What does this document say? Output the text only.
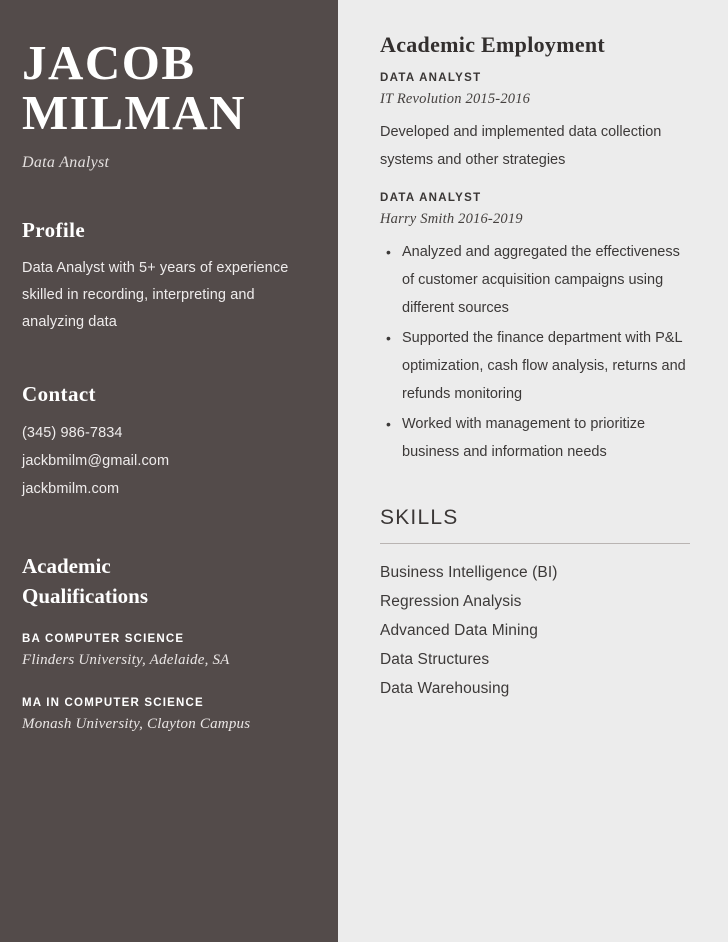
JACOB
MILMAN
Data Analyst
Profile
Data Analyst with 5+ years of experience skilled in recording, interpreting and analyzing data
Contact
(345) 986-7834
jackbmilm@gmail.com
jackbmilm.com
Academic
Qualifications
BA COMPUTER SCIENCE
Flinders University, Adelaide, SA
MA IN COMPUTER SCIENCE
Monash University, Clayton Campus
Academic Employment
DATA ANALYST
IT Revolution 2015-2016
Developed and implemented data collection systems and other strategies
DATA ANALYST
Harry Smith 2016-2019
• Analyzed and aggregated the effectiveness of customer acquisition campaigns using different sources
• Supported the finance department with P&L optimization, cash flow analysis, returns and refunds monitoring
• Worked with management to prioritize business and information needs
SKILLS
Business Intelligence (BI)
Regression Analysis
Advanced Data Mining
Data Structures
Data Warehousing
